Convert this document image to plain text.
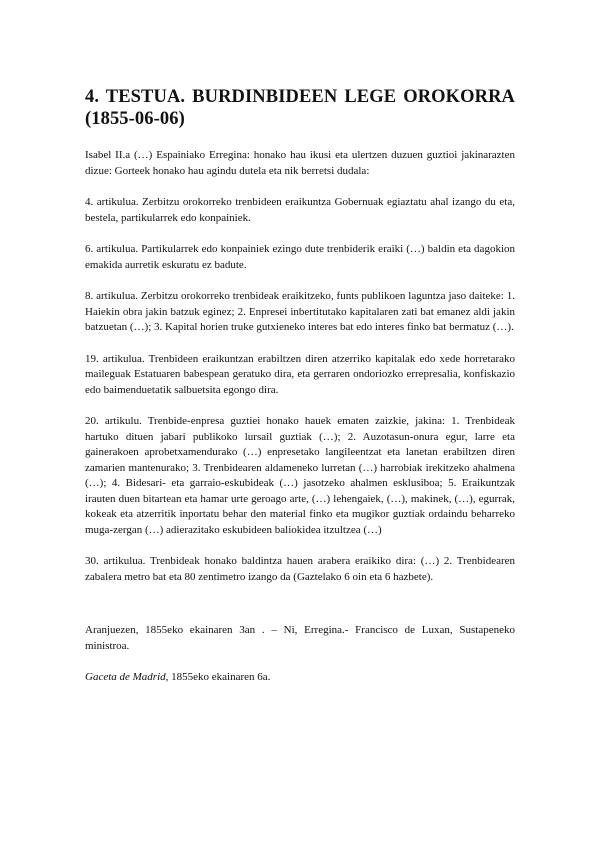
4. TESTUA. BURDINBIDEEN LEGE OROKORRA
(1855-06-06)

Isabel II.a (…) Espainiako Erregina: honako hau ikusi eta ulertzen duzuen guztioi jakinarazten dizue: Gorteek honako hau agindu dutela eta nik berretsi dudala:

4. artikulua. Zerbitzu orokorreko trenbideen eraikuntza Gobernuak egiaztatu ahal izango du eta, bestela, partikularrek edo konpainiek.

6. artikulua. Partikularrek edo konpainiek ezingo dute trenbiderik eraiki (…) baldin eta dagokion emakida aurretik eskuratu ez badute.

8. artikulua. Zerbitzu orokorreko trenbideak eraikitzeko, funts publikoen laguntza jaso daiteke: 1. Haiekin obra jakin batzuk eginez; 2. Enpresei inbertitutako kapitalaren zati bat emanez aldi jakin batzuetan (…); 3. Kapital horien truke gutxieneko interes bat edo interes finko bat bermatuz (…).

19. artikulua. Trenbideen eraikuntzan erabiltzen diren atzerriko kapitalak edo xede horretarako maileguak Estatuaren babespean geratuko dira, eta gerraren ondoriozko errepresalia, konfiskazio edo baimenduetatik salbuetsita egongo dira.

20. artikulu. Trenbide-enpresa guztiei honako hauek ematen zaizkie, jakina: 1. Trenbideak hartuko dituen jabari publikoko lursail guztiak (…); 2. Auzotasun-onura egur, larre eta gainerakoen aprobetxamendurako (…) enpresetako langileentzat eta lanetan erabiltzen diren zamarien mantenurako; 3. Trenbidearen aldameneko lurretan (…) harrobiak irekitzeko ahalmena (…); 4. Bidesari- eta garraio-eskubideak (…) jasotzeko ahalmen esklusiboa; 5. Eraikuntzak irauten duen bitartean eta hamar urte geroago arte, (…) lehengaiek, (…), makinek, (…), egurrak, kokeak eta atzerritik inportatu behar den material finko eta mugikor guztiak ordaindu beharreko muga-zergan (…) adierazitako eskubideen baliokidea itzultzea (…)

30. artikulua. Trenbideak honako baldintza hauen arabera eraikiko dira: (…) 2. Trenbidearen zabalera metro bat eta 80 zentimetro izango da (Gaztelako 6 oin eta 6 hazbete).

Aranjuezen, 1855eko ekainaren 3an . – Ni, Erregina.- Francisco de Luxan, Sustapeneko ministroa.

Gaceta de Madrid, 1855eko ekainaren 6a.
